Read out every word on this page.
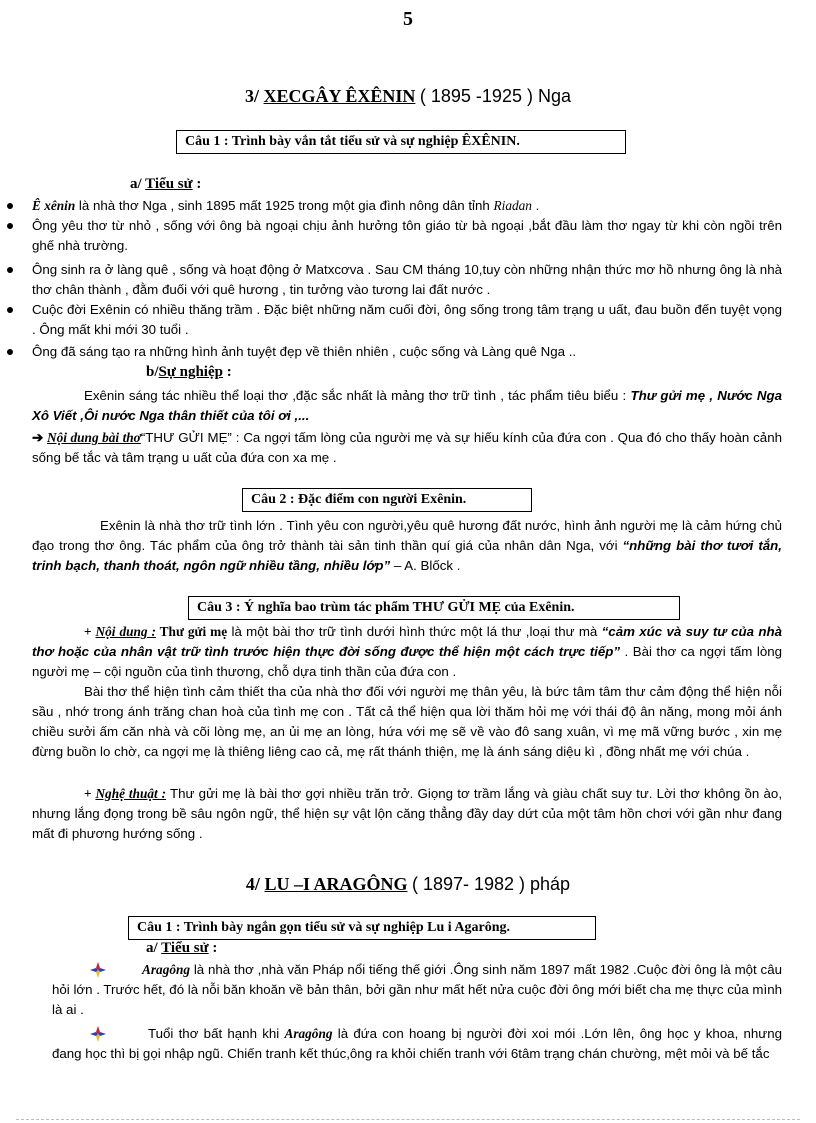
5
3/ XECGÂY ÊXÊNIN ( 1895 -1925 ) Nga
Câu 1 : Trình bày vắn tắt tiểu sử và sự nghiệp ÊXÊNIN.
a/ Tiểu sử :
Ê xênin là nhà thơ Nga , sinh 1895 mất 1925 trong một gia đình nông dân tỉnh Riadan .
Ông yêu thơ từ nhỏ , sống với ông bà ngoại chịu ảnh hưởng tôn giáo từ bà ngoại ,bắt đầu làm thơ ngay từ khi còn ngồi trên ghế nhà trường.
Ông sinh ra ở làng quê , sống và hoạt động ở Matxcơva . Sau CM tháng 10,tuy còn những nhận thức mơ hồ nhưng ông là nhà thơ chân thành , đằm đuối với quê hương , tin tưởng vào tương lai đất nước .
Cuộc đời Exênin có nhiều thăng trầm . Đặc biệt những năm cuối đời, ông sống trong tâm trạng u uất, đau buồn đến tuyệt vọng . Ông mất khi mới 30 tuổi .
Ông đã sáng tạo ra những hình ảnh tuyệt đẹp về thiên nhiên , cuộc sống và Làng quê Nga ..
b/Sự nghiệp :
Exênin sáng tác nhiều thể loại thơ ,đặc sắc nhất là mảng thơ trữ tình , tác phẩm tiêu biểu : Thư gửi mẹ , Nước Nga Xô Viết ,Ôi nước Nga thân thiết của tôi ơi ,...
➔ Nội dung bài thơ“THƯ GỬI MẸ” : Ca ngợi tấm lòng của người mẹ và sự hiếu kính của đứa con . Qua đó cho thấy hoàn cảnh sống bế tắc và tâm trạng u uất của đứa con xa mẹ .
Câu 2 : Đặc điểm con người Exênin.
Exênin là nhà thơ trữ tình lớn . Tình yêu con người,yêu quê hương đất nước, hình ảnh người mẹ là cảm hứng chủ đạo trong thơ ông. Tác phẩm của ông trở thành tài sản tinh thần quí giá của nhân dân Nga, với “những bài thơ tươi tắn, trinh bạch, thanh thoát, ngôn ngữ nhiều tầng, nhiều lớp” – A. Blốck .
Câu 3 : Ý nghĩa bao trùm tác phẩm THƯ GỬI MẸ của Exênin.
+ Nội dung : Thư gửi mẹ là một bài thơ trữ tình dưới hình thức một lá thư ,loại thư mà “cảm xúc và suy tư của nhà thơ hoặc của nhân vật trữ tình trước hiện thực đời sống được thể hiện một cách trực tiếp” . Bài thơ ca ngợi tấm lòng người mẹ – cội nguồn của tình thương, chỗ dựa tinh thần của đứa con .
Bài thơ thể hiện tình cảm thiết tha của nhà thơ đối với người mẹ thân yêu, là bức tâm tâm thư cảm động thể hiện nỗi sầu , nhớ trong ánh trăng chan hoà của tình mẹ con . Tất cả thể hiện qua lời thăm hỏi mẹ với thái độ ân năng, mong mỏi ánh chiều sưởi ấm căn nhà và cõi lòng mẹ, an ủi mẹ an lòng, hứa với mẹ sẽ về vào đô sang xuân, vì mẹ mã vững bước , xin mẹ đừng buồn lo chờ, ca ngợi mẹ là thiêng liêng cao cả, mẹ rất thánh thiện, mẹ là ánh sáng diệu kì , đồng nhất mẹ với chúa .
+ Nghệ thuật : Thư gửi mẹ là bài thơ gợi nhiều trăn trở. Giọng tơ trầm lắng và giàu chất suy tư. Lời thơ không ồn ào, nhưng lắng đọng trong bề sâu ngôn ngữ, thể hiện sự vật lộn căng thẳng đầy day dứt của một tâm hồn chơi với gần như đang mất đi phương hướng sống .
4/ LU –I ARAGÔNG ( 1897- 1982 ) pháp
Câu 1 : Trình bày ngắn gọn tiểu sử và sự nghiệp Lu i Agarông.
a/ Tiểu sử :
Aragông là nhà thơ ,nhà văn Pháp nổi tiếng thế giới .Ông sinh năm 1897 mất 1982 .Cuộc đời ông là một câu hỏi lớn . Trước hết, đó là nỗi băn khoăn về bản thân, bởi gần như mất hết nửa cuộc đời ông mới biết cha mẹ thực của mình là ai .
Tuổi thơ bất hạnh khi Aragông là đứa con hoang bị người đời xoi mói .Lớn lên, ông học y khoa, nhưng đang học thì bị gọi nhập ngũ. Chiến tranh kết thúc,ông ra khỏi chiến tranh với 6tâm trạng chán chường, mệt mỏi và bế tắc
